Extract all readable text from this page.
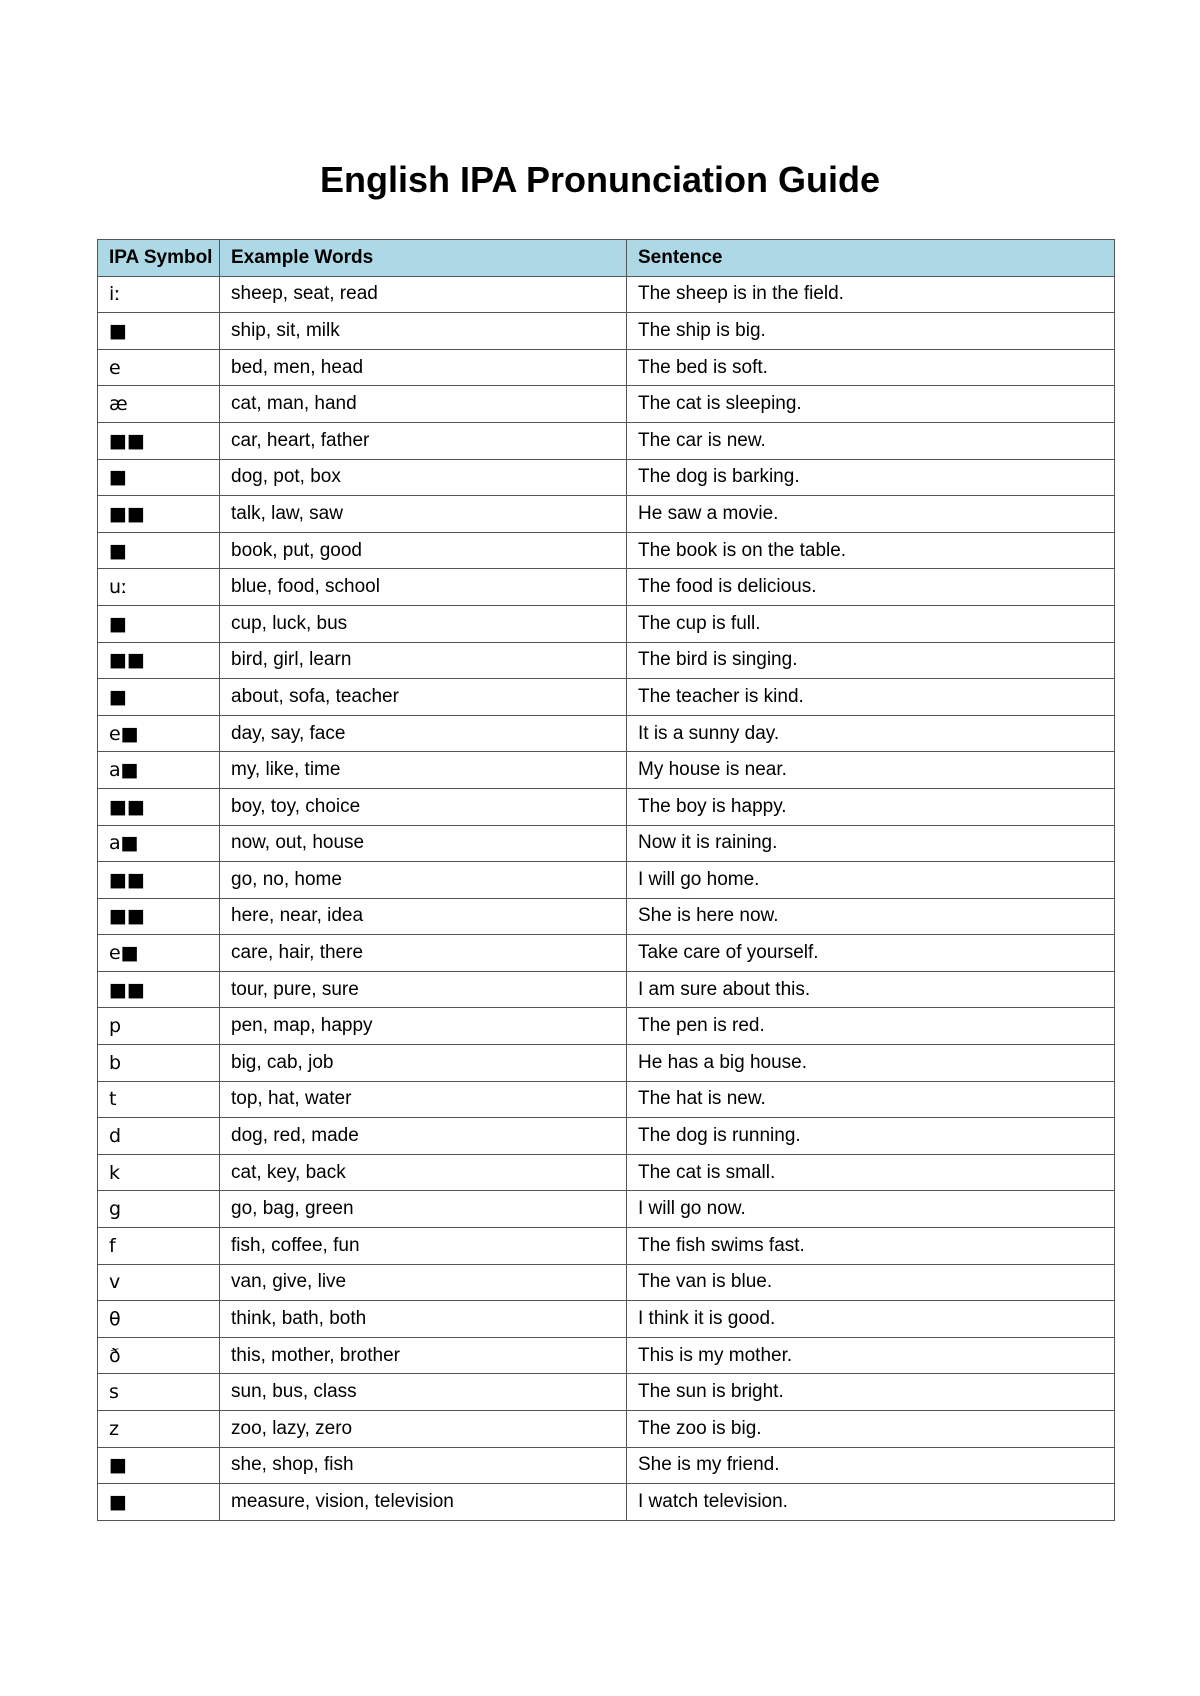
English IPA Pronunciation Guide
IPA Symbol	Example Words	Sentence
iː	sheep, seat, read	The sheep is in the field.
■	ship, sit, milk	The ship is big.
e	bed, men, head	The bed is soft.
æ	cat, man, hand	The cat is sleeping.
■■	car, heart, father	The car is new.
■	dog, pot, box	The dog is barking.
■■	talk, law, saw	He saw a movie.
■	book, put, good	The book is on the table.
uː	blue, food, school	The food is delicious.
■	cup, luck, bus	The cup is full.
■■	bird, girl, learn	The bird is singing.
■	about, sofa, teacher	The teacher is kind.
e■	day, say, face	It is a sunny day.
a■	my, like, time	My house is near.
■■	boy, toy, choice	The boy is happy.
a■	now, out, house	Now it is raining.
■■	go, no, home	I will go home.
■■	here, near, idea	She is here now.
e■	care, hair, there	Take care of yourself.
■■	tour, pure, sure	I am sure about this.
p	pen, map, happy	The pen is red.
b	big, cab, job	He has a big house.
t	top, hat, water	The hat is new.
d	dog, red, made	The dog is running.
k	cat, key, back	The cat is small.
g	go, bag, green	I will go now.
f	fish, coffee, fun	The fish swims fast.
v	van, give, live	The van is blue.
θ	think, bath, both	I think it is good.
ð	this, mother, brother	This is my mother.
s	sun, bus, class	The sun is bright.
z	zoo, lazy, zero	The zoo is big.
■	she, shop, fish	She is my friend.
■	measure, vision, television	I watch television.
